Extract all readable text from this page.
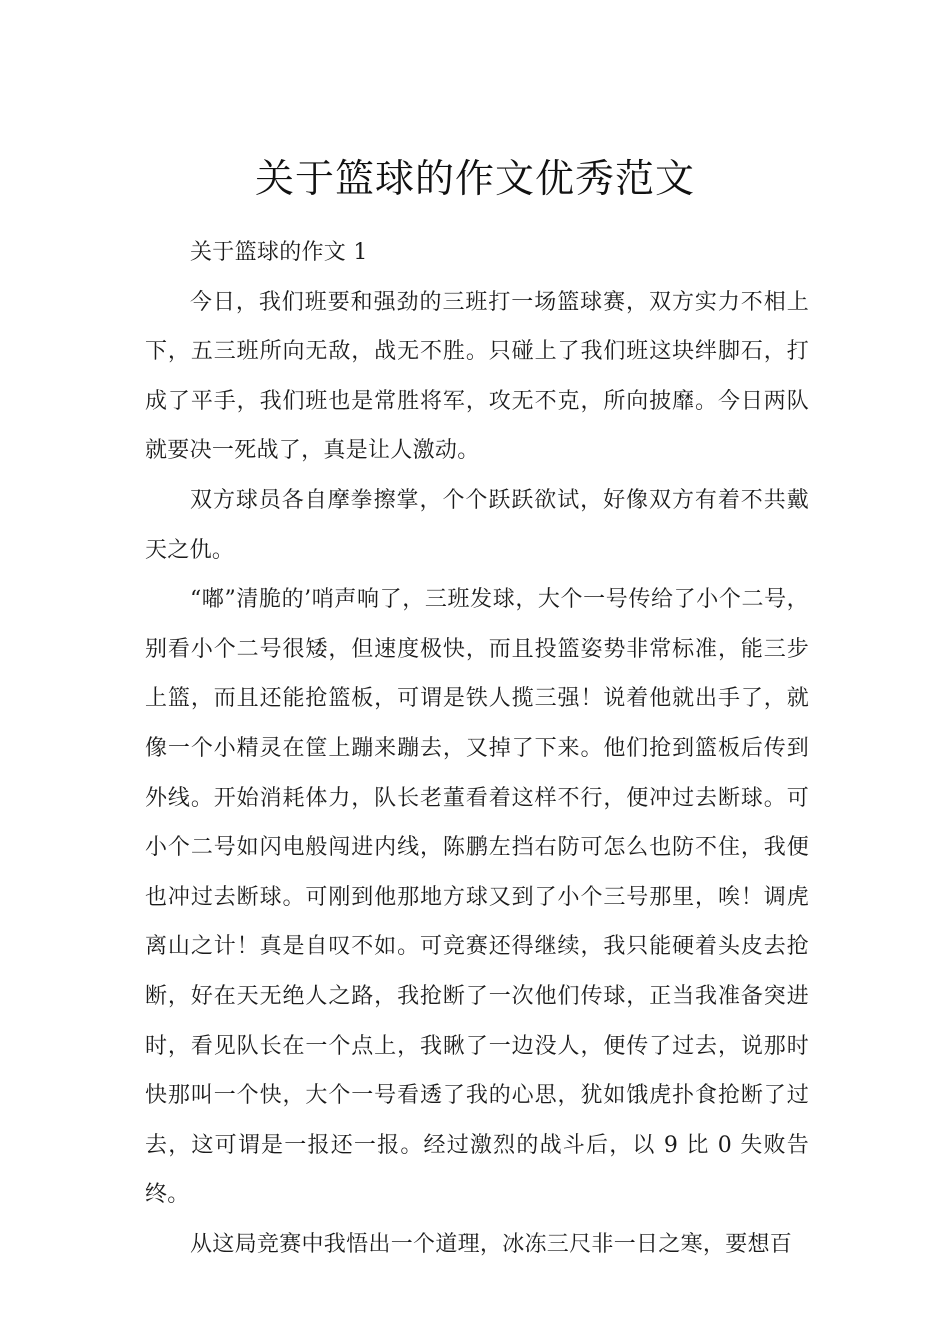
关于篮球的作文优秀范文

关于篮球的作文 1

今日，我们班要和强劲的三班打一场篮球赛，双方实力不相上下，五三班所向无敌，战无不胜。只碰上了我们班这块绊脚石，打成了平手，我们班也是常胜将军，攻无不克，所向披靡。今日两队就要决一死战了，真是让人激动。

双方球员各自摩拳擦掌，个个跃跃欲试，好像双方有着不共戴天之仇。

“嘟”清脆的’哨声响了，三班发球，大个一号传给了小个二号，别看小个二号很矮，但速度极快，而且投篮姿势非常标准，能三步上篮，而且还能抢篮板，可谓是铁人揽三强！说着他就出手了，就像一个小精灵在筐上蹦来蹦去，又掉了下来。他们抢到篮板后传到外线。开始消耗体力，队长老董看着这样不行，便冲过去断球。可小个二号如闪电般闯进内线，陈鹏左挡右防可怎么也防不住，我便也冲过去断球。可刚到他那地方球又到了小个三号那里，唉！调虎离山之计！真是自叹不如。可竞赛还得继续，我只能硬着头皮去抢断，好在天无绝人之路，我抢断了一次他们传球，正当我准备突进时，看见队长在一个点上，我瞅了一边没人，便传了过去，说那时快那叫一个快，大个一号看透了我的心思，犹如饿虎扑食抢断了过去，这可谓是一报还一报。经过激烈的战斗后，以 9 比 0 失败告终。

从这局竞赛中我悟出一个道理，冰冻三尺非一日之寒，要想百
